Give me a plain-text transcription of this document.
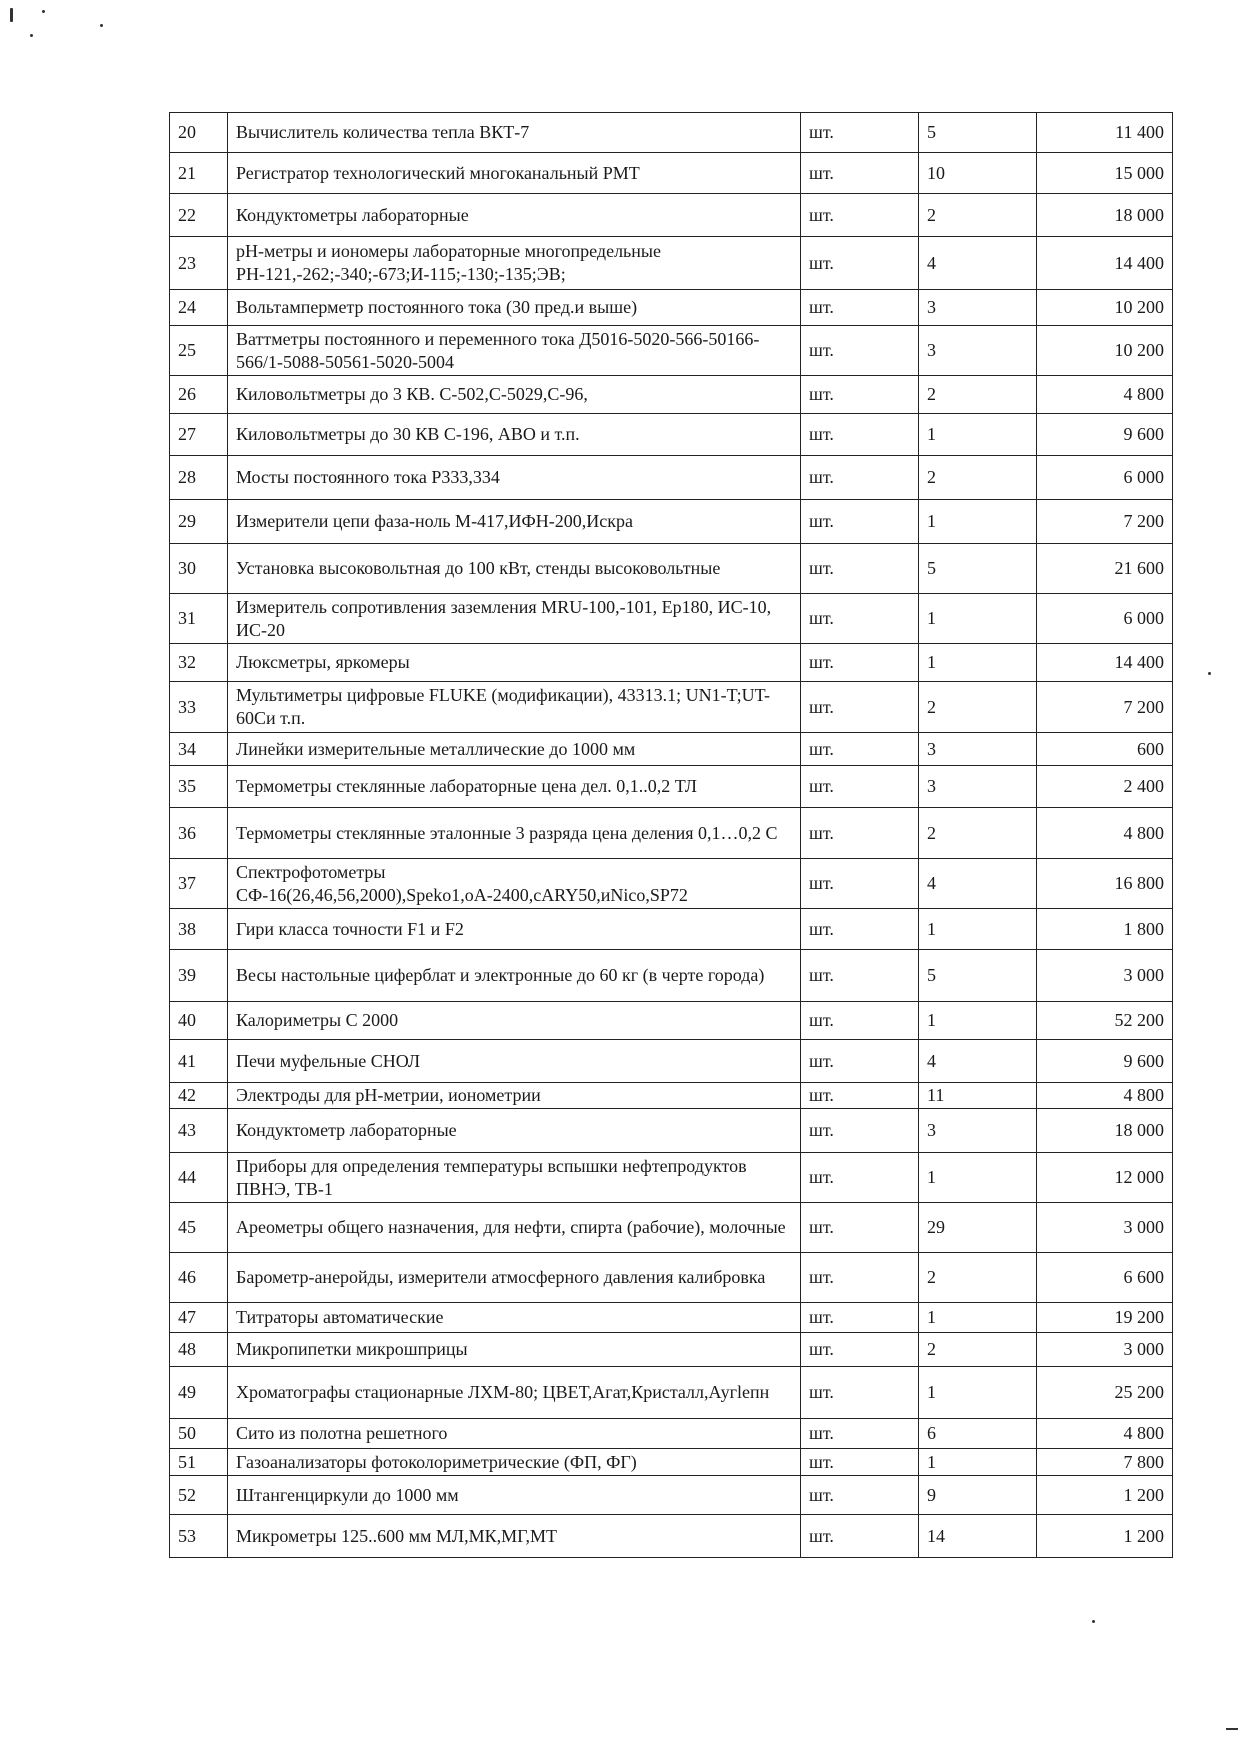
20	Вычислитель количества тепла ВКТ-7	шт.	5	11 400
21	Регистратор технологический многоканальный РМТ	шт.	10	15 000
22	Кондуктометры лабораторные	шт.	2	18 000
23	рН-метры и иономеры лабораторные многопредельные РН-121,-262;-340;-673;И-115;-130;-135;ЭВ;	шт.	4	14 400
24	Вольтамперметр постоянного тока (30 пред.и выше)	шт.	3	10 200
25	Ваттметры постоянного и переменного тока Д5016-5020-566-50166-566/1-5088-50561-5020-5004	шт.	3	10 200
26	Киловольтметры до 3 КВ. С-502,С-5029,С-96,	шт.	2	4 800
27	Киловольтметры до 30 КВ С-196, АВО и т.п.	шт.	1	9 600
28	Мосты постоянного тока Р333,334	шт.	2	6 000
29	Измерители цепи фаза-ноль М-417,ИФН-200,Искра	шт.	1	7 200
30	Установка высоковольтная до 100 кВт, стенды высоковольтные	шт.	5	21 600
31	Измеритель сопротивления заземления MRU-100,-101, Ep180, ИС-10, ИС-20	шт.	1	6 000
32	Люксметры, яркомеры	шт.	1	14 400
33	Мультиметры цифровые FLUKE (модификации), 43313.1; UN1-T;UT-60Си т.п.	шт.	2	7 200
34	Линейки измерительные металлические до 1000 мм	шт.	3	600
35	Термометры стеклянные лабораторные цена дел. 0,1..0,2 ТЛ	шт.	3	2 400
36	Термометры стеклянные эталонные 3 разряда цена деления 0,1…0,2 С	шт.	2	4 800
37	Спектрофотометры СФ-16(26,46,56,2000),Speko1,оА-2400,cARY50,иNico,SP72	шт.	4	16 800
38	Гири класса точности F1 и F2	шт.	1	1 800
39	Весы настольные циферблат и электронные до 60 кг (в черте города)	шт.	5	3 000
40	Калориметры С 2000	шт.	1	52 200
41	Печи муфельные СНОЛ	шт.	4	9 600
42	Электроды для рН-метрии, ионометрии	шт.	11	4 800
43	Кондуктометр лабораторные	шт.	3	18 000
44	Приборы для определения температуры вспышки нефтепродуктов ПВНЭ, ТВ-1	шт.	1	12 000
45	Ареометры общего назначения, для нефти, спирта (рабочие), молочные	шт.	29	3 000
46	Барометр-анеройды, измерители атмосферного давления калибровка	шт.	2	6 600
47	Титраторы автоматические	шт.	1	19 200
48	Микропипетки микрошприцы	шт.	2	3 000
49	Хроматографы стационарные ЛХМ-80; ЦВЕТ,Агат,Кристалл,Аугlепн	шт.	1	25 200
50	Сито из полотна решетного	шт.	6	4 800
51	Газоанализаторы фотоколориметрические (ФП, ФГ)	шт.	1	7 800
52	Штангенциркули до 1000 мм	шт.	9	1 200
53	Микрометры 125..600 мм МЛ,МК,МГ,МТ	шт.	14	1 200
